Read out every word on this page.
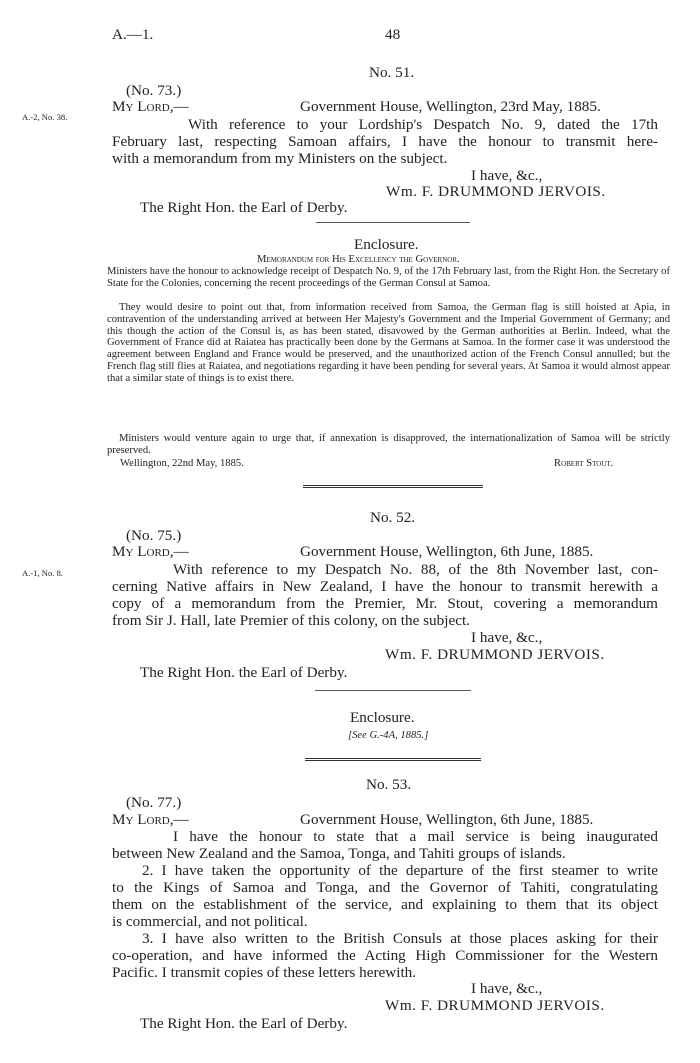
A.—1.	48
No. 51.
(No. 73.)
A.-2, No. 38.
My Lord,—	Government House, Wellington, 23rd May, 1885.
With reference to your Lordship's Despatch No. 9, dated the 17th
February last, respecting Samoan affairs, I have the honour to transmit here-
with a memorandum from my Ministers on the subject.
I have, &c.,
Wm. F. DRUMMOND JERVOIS.
The Right Hon. the Earl of Derby.
Enclosure.
Memorandum for His Excellency the Governor.
Ministers have the honour to acknowledge receipt of Despatch No. 9, of the 17th February last, from the Right Hon. the Secretary of State for the Colonies, concerning the recent proceedings of the German Consul at Samoa.
They would desire to point out that, from information received from Samoa, the German flag is still hoisted at Apia, in contravention of the understanding arrived at between Her Majesty's Government and the Imperial Government of Germany; and this though the action of the Consul is, as has been stated, disavowed by the German authorities at Berlin. Indeed, what the Government of France did at Raiatea has practically been done by the Germans at Samoa. In the former case it was understood the agreement between England and France would be preserved, and the unauthorized action of the French Consul annulled; but the French flag still flies at Raiatea, and negotiations regarding it have been pending for several years. At Samoa it would almost appear that a similar state of things is to exist there.
Ministers would venture again to urge that, if annexation is disapproved, the internationalization of Samoa will be strictly preserved.
Wellington, 22nd May, 1885.	Robert Stout.
No. 52.
(No. 75.)
A.-1, No. 8.
My Lord,—	Government House, Wellington, 6th June, 1885.
With reference to my Despatch No. 88, of the 8th November last, con-
cerning Native affairs in New Zealand, I have the honour to transmit herewith a
copy of a memorandum from the Premier, Mr. Stout, covering a memorandum
from Sir J. Hall, late Premier of this colony, on the subject.
I have, &c.,
Wm. F. DRUMMOND JERVOIS.
The Right Hon. the Earl of Derby.
Enclosure.
[See G.-4A, 1885.]
No. 53.
(No. 77.)
My Lord,—	Government House, Wellington, 6th June, 1885.
I have the honour to state that a mail service is being inaugurated
between New Zealand and the Samoa, Tonga, and Tahiti groups of islands.
2. I have taken the opportunity of the departure of the first steamer to write
to the Kings of Samoa and Tonga, and the Governor of Tahiti, congratulating
them on the establishment of the service, and explaining to them that its object
is commercial, and not political.
3. I have also written to the British Consuls at those places asking for their
co-operation, and have informed the Acting High Commissioner for the Western
Pacific. I transmit copies of these letters herewith.
I have, &c.,
Wm. F. DRUMMOND JERVOIS.
The Right Hon. the Earl of Derby.
